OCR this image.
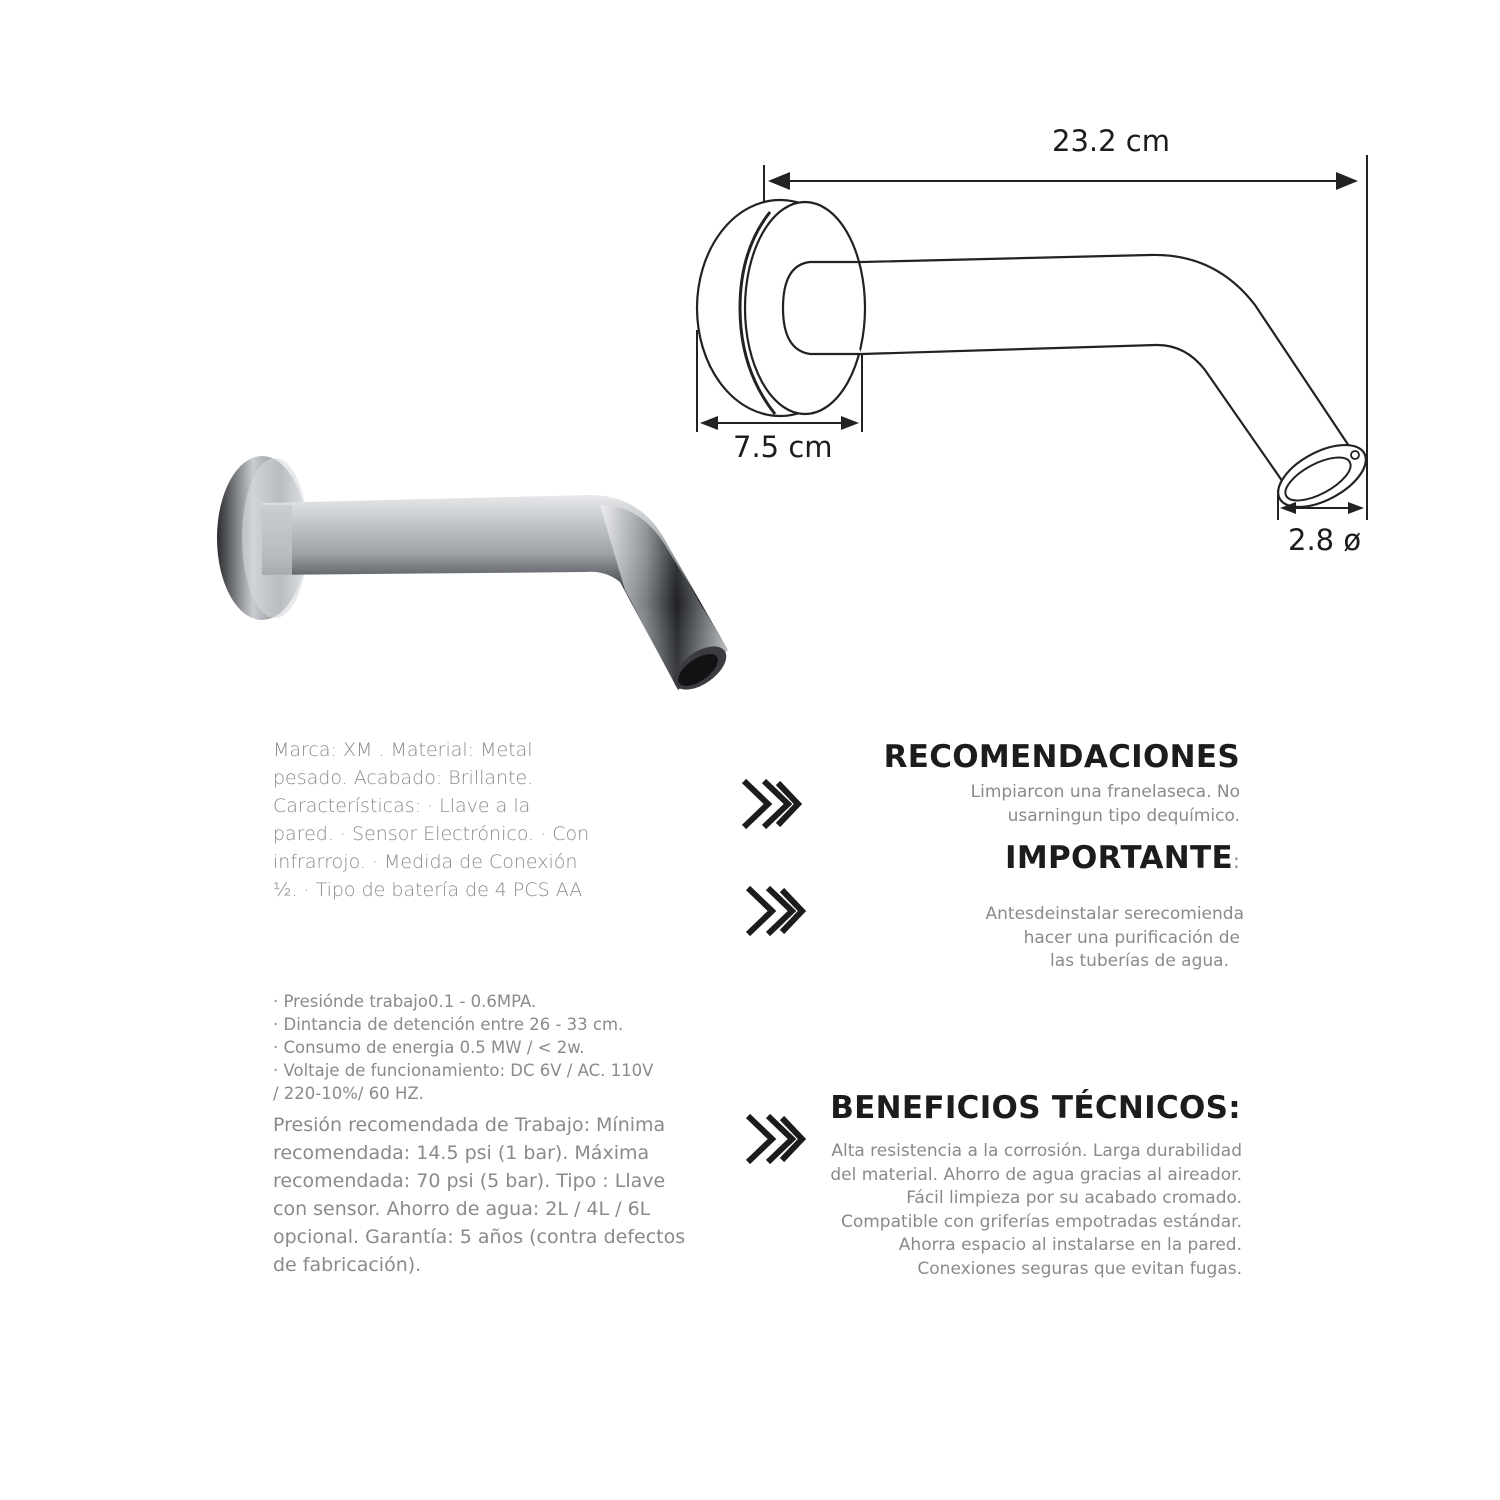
23.2 cm
7.5 cm
2.8 ø
Marca: XM . Material: Metal pesado. Acabado: Brillante. Características: · Llave a la pared. · Sensor Electrónico. · Con infrarrojo. · Medida de Conexión ½. · Tipo de batería de 4 PCS AA
· Presiónde trabajo0.1 - 0.6MPA.
· Dintancia de detención entre 26 - 33 cm.
· Consumo de energia 0.5 MW / < 2w.
· Voltaje de funcionamiento: DC 6V / AC. 110V
/ 220-10%/ 60 HZ.
Presión recomendada de Trabajo: Mínima recomendada: 14.5 psi (1 bar). Máxima recomendada: 70 psi (5 bar). Tipo : Llave con sensor. Ahorro de agua: 2L / 4L / 6L opcional. Garantía: 5 años (contra defectos de fabricación).
RECOMENDACIONES
Limpiarcon una franelaseca. No
usarningun tipo dequímico.
IMPORTANTE:
Antesdeinstalar serecomienda
hacer una purificación de
las tuberías de agua.
BENEFICIOS TÉCNICOS:
Alta resistencia a la corrosión. Larga durabilidad
del material. Ahorro de agua gracias al aireador.
Fácil limpieza por su acabado cromado.
Compatible con griferías empotradas estándar.
Ahorra espacio al instalarse en la pared.
Conexiones seguras que evitan fugas.
